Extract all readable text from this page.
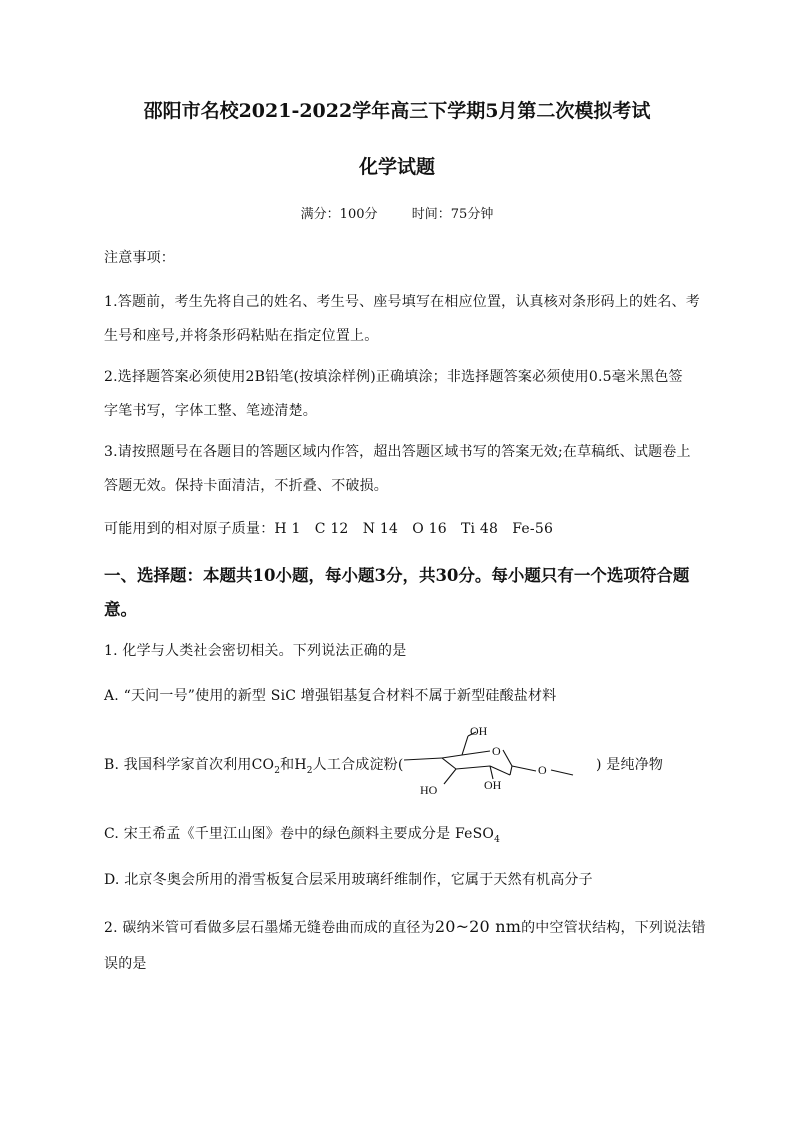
邵阳市名校2021-2022学年高三下学期5月第二次模拟考试
化学试题
满分：100分	时间：75分钟
注意事项：
1.答题前，考生先将自己的姓名、考生号、座号填写在相应位置，认真核对条形码上的姓名、考
生号和座号,并将条形码粘贴在指定位置上。
2.选择题答案必须使用2B铅笔(按填涂样例)正确填涂；非选择题答案必须使用0.5毫米黑色签
字笔书写，字体工整、笔迹清楚。
3.请按照题号在各题目的答题区域内作答，超出答题区域书写的答案无效;在草稿纸、试题卷上
答题无效。保持卡面清洁，不折叠、不破损。
可能用到的相对原子质量：H 1　C 12　N 14　O 16　Ti 48　Fe-56
一、选择题：本题共10小题，每小题3分，共30分。每小题只有一个选项符合题
意。
1. 化学与人类社会密切相关。下列说法正确的是
A. “天问一号”使用的新型 SiC 增强铝基复合材料不属于新型硅酸盐材料
B. 我国科学家首次利用$CO_2$和$H_2$人工合成淀粉(	) 是纯净物
OH
O
O
HO	OH
C. 宋王希孟《千里江山图》卷中的绿色颜料主要成分是 FeSO$_4$
D. 北京冬奥会所用的滑雪板复合层采用玻璃纤维制作，它属于天然有机高分子
2. 碳纳米管可看做多层石墨烯无缝卷曲而成的直径为20~20 nm的中空管状结构，下列说法错
误的是
